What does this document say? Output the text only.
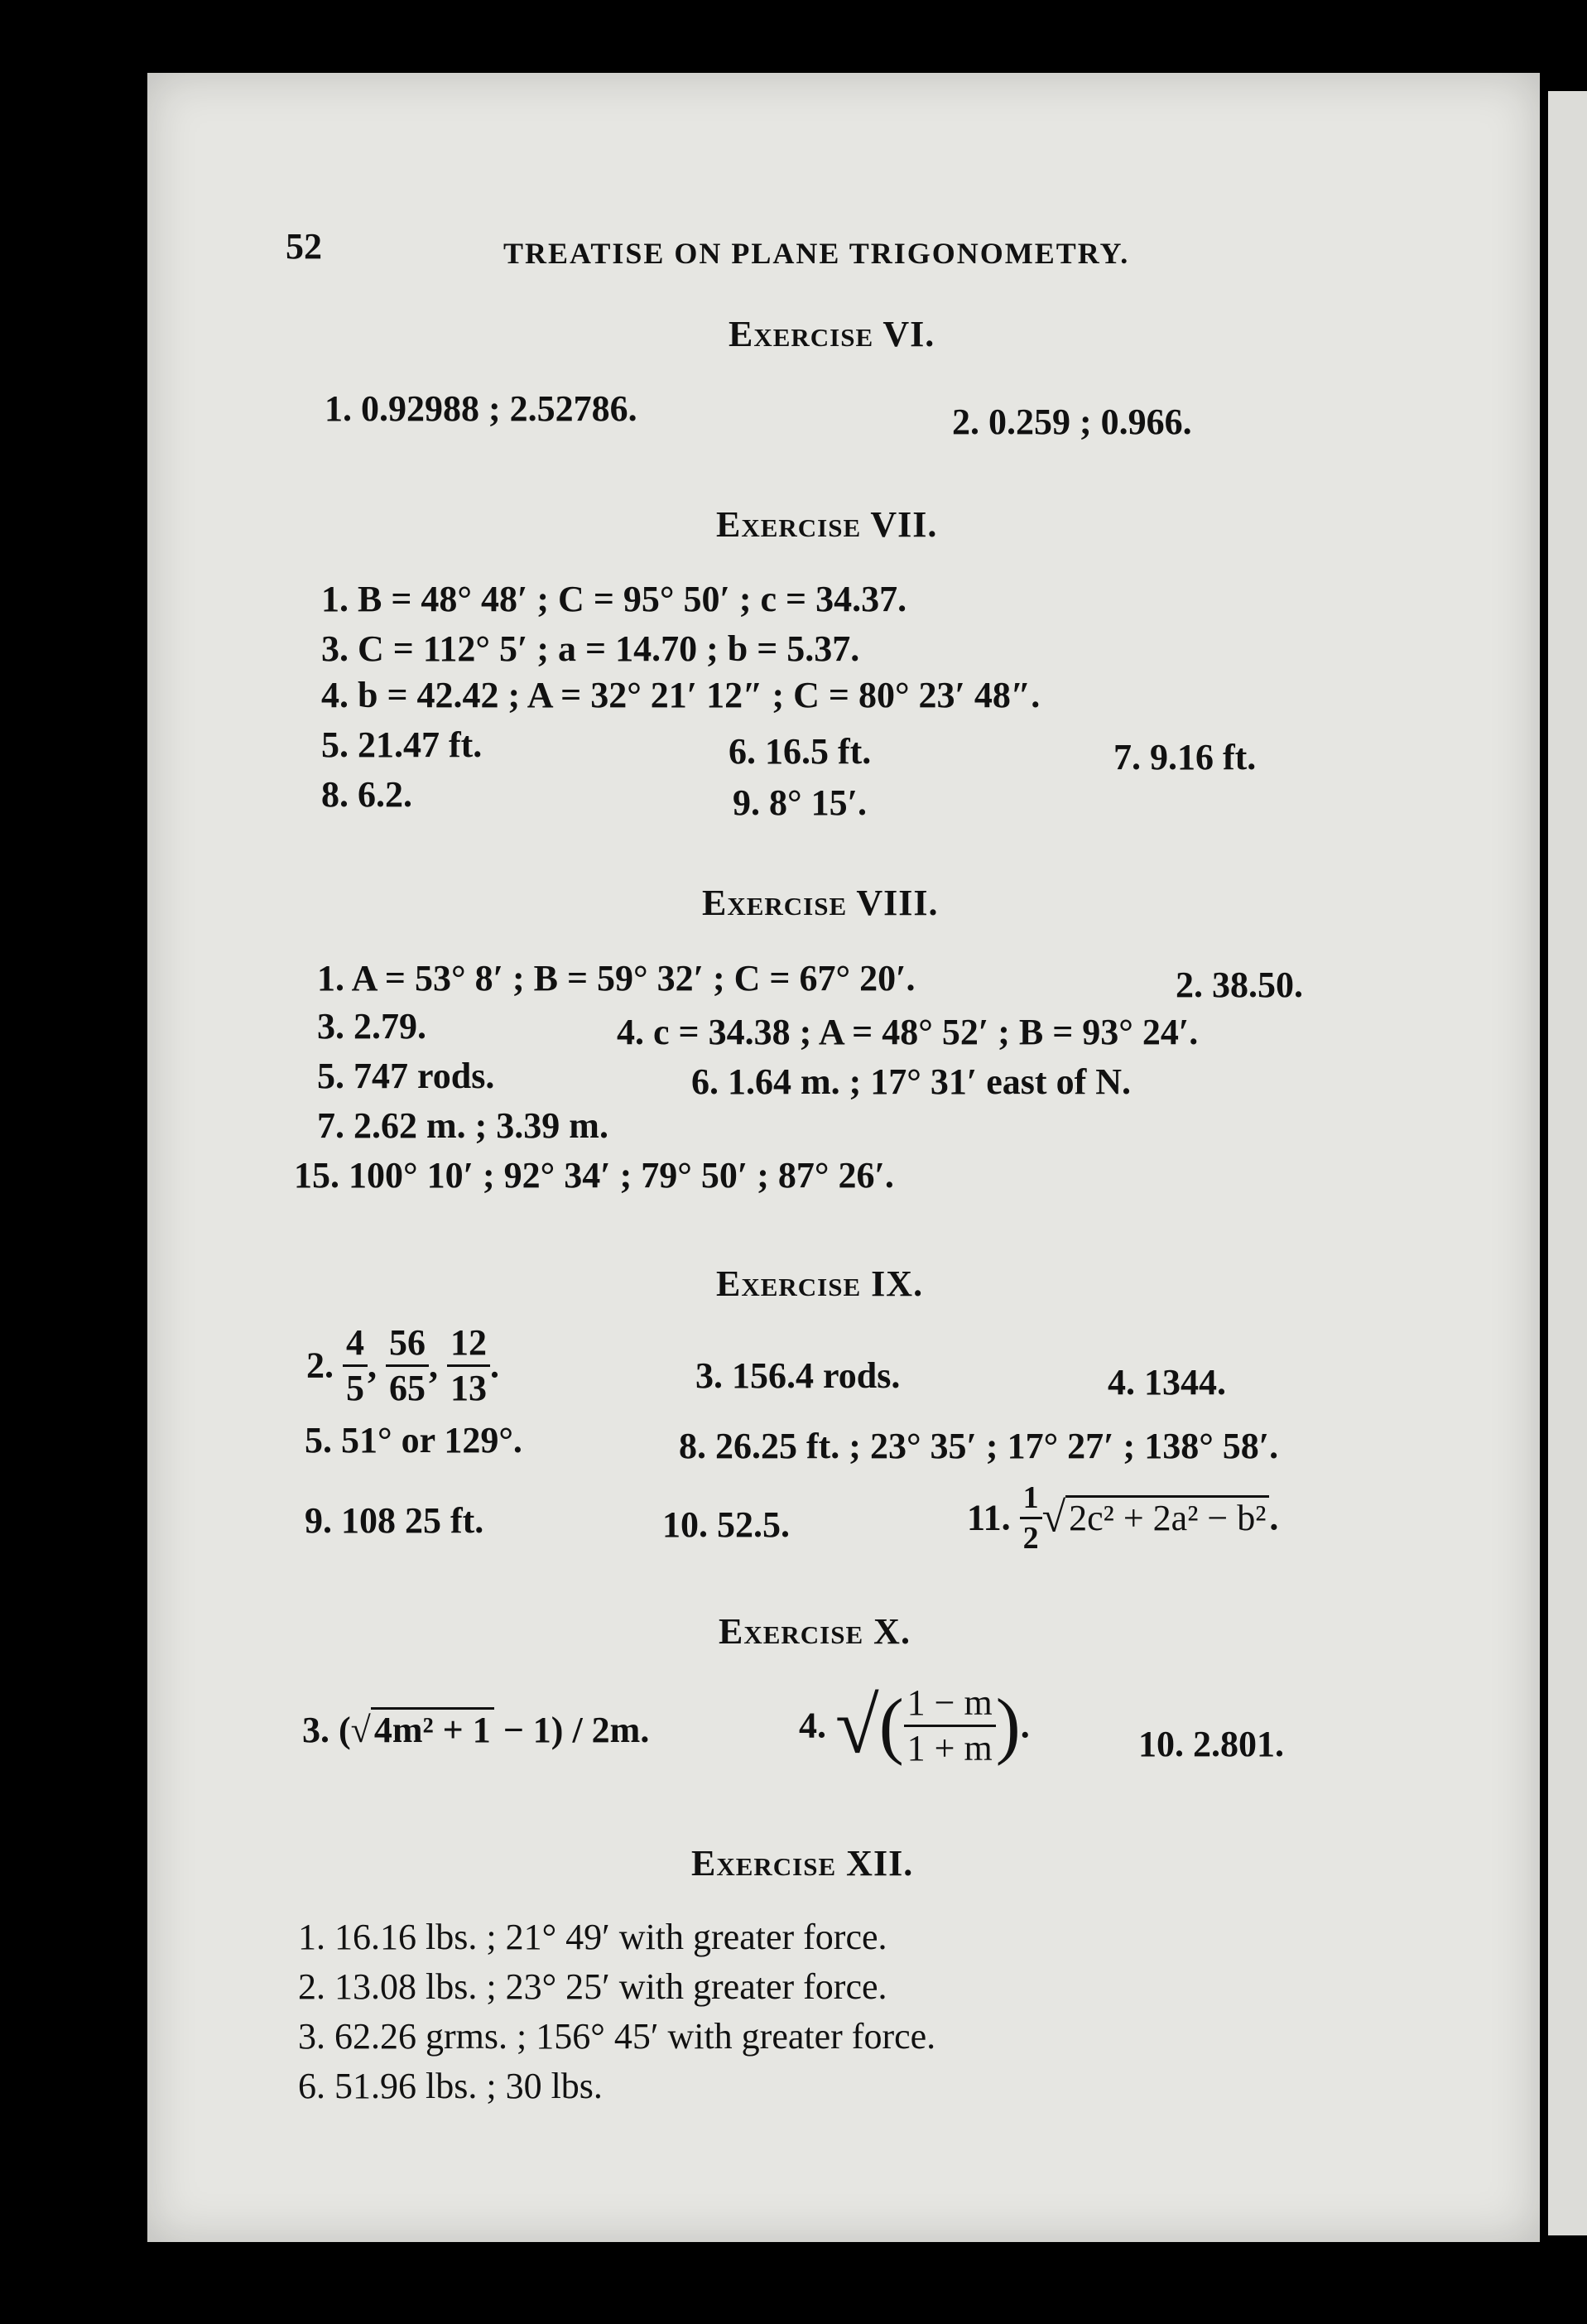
52	TREATISE ON PLANE TRIGONOMETRY.
Exercise VI.
1. 0.92988 ; 2.52786.	2. 0.259 ; 0.966.
Exercise VII.
1. B = 48° 48′ ; C = 95° 50′ ; c = 34.37.
3. C = 112° 5′ ; a = 14.70 ; b = 5.37.
4. b = 42.42 ; A = 32° 21′ 12″ ; C = 80° 23′ 48″.
5. 21.47 ft.	6. 16.5 ft.	7. 9.16 ft.
8. 6.2.	9. 8° 15′.
Exercise VIII.
1. A = 53° 8′ ; B = 59° 32′ ; C = 67° 20′.	2. 38.50.
3. 2.79.	4. c = 34.38 ; A = 48° 52′ ; B = 93° 24′.
5. 747 rods.	6. 1.64 m. ; 17° 31′ east of N.
7. 2.62 m. ; 3.39 m.
15. 100° 10′ ; 92° 34′ ; 79° 50′ ; 87° 26′.
Exercise IX.
2. $\frac{4}{5}$ , $\frac{56}{65}$ , $\frac{12}{13}$ .	3. 156.4 rods.	4. 1344.
5. 51° or 129°.	8. 26.25 ft. ; 23° 35′ ; 17° 27′ ; 138° 58′.
9. 108 25 ft.	10. 52.5.	11. $\frac{1}{2} √2c^2 + 2a^2 - b^2$.
Exercise X.
3. (√4m² + 1 − 1) / 2m.	4. √( $\frac{1 - m}{1 + m}$ ).	10. 2.801.
Exercise XII.
1. 16.16 lbs. ; 21° 49′ with greater force.
2. 13.08 lbs. ; 23° 25′ with greater force.
3. 62.26 grms. ; 156° 45′ with greater force.
6. 51.96 lbs. ; 30 lbs.
